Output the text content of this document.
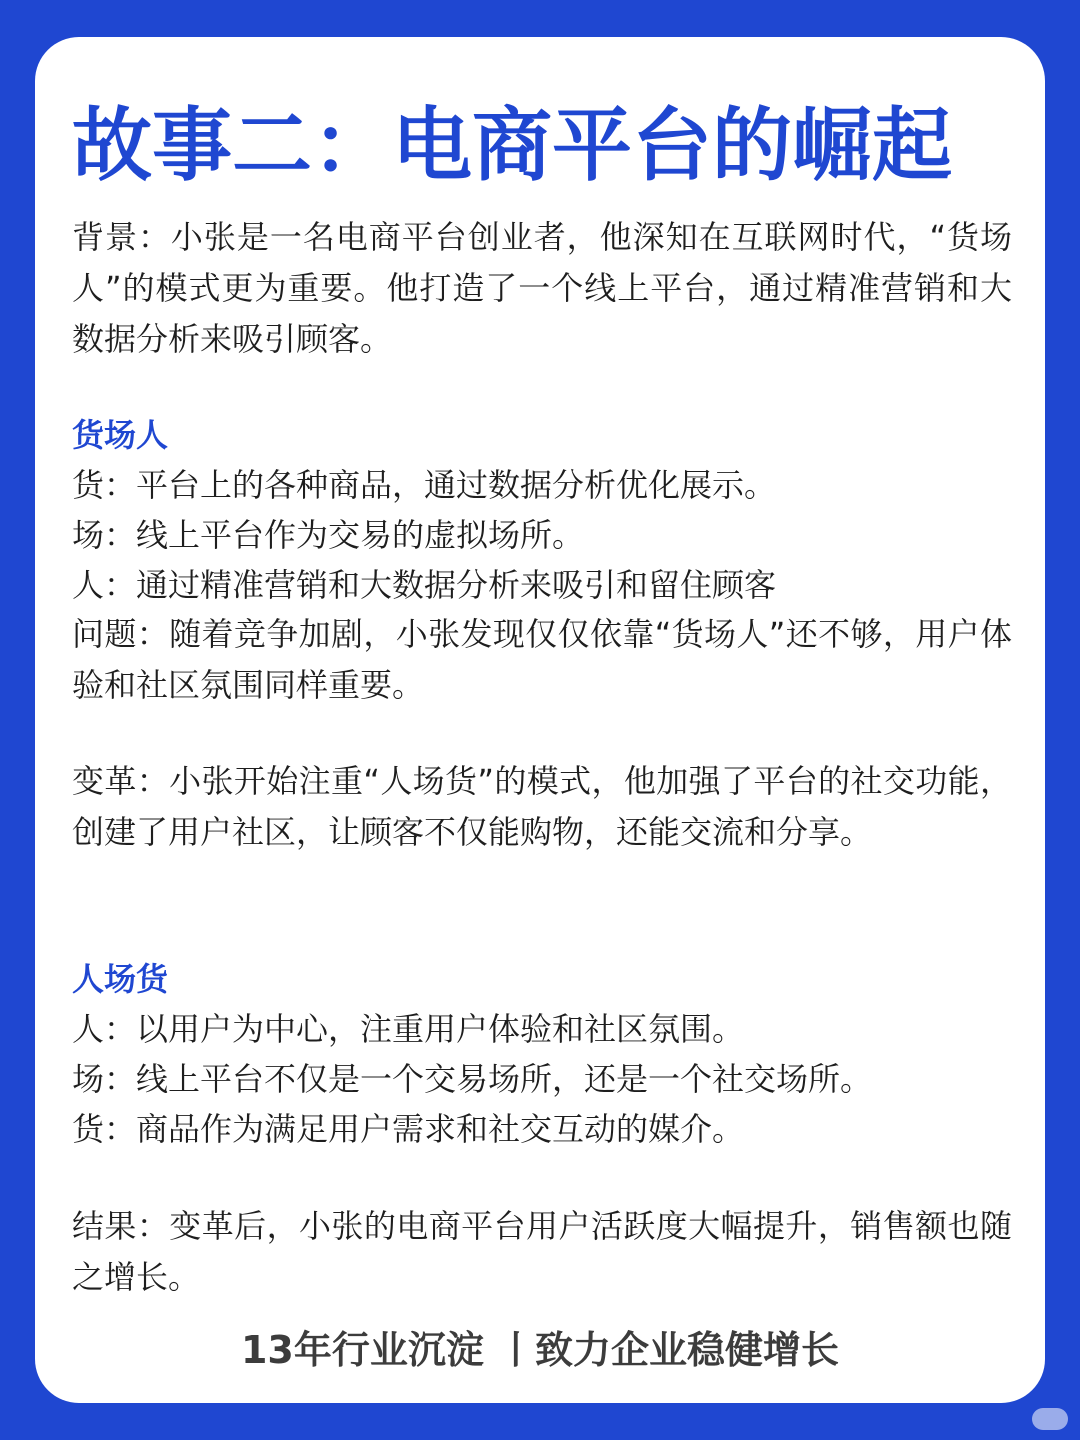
故事二：电商平台的崛起

背景：小张是一名电商平台创业者，他深知在互联网时代，“货场人”的模式更为重要。他打造了一个线上平台，通过精准营销和大数据分析来吸引顾客。

货场人
货：平台上的各种商品，通过数据分析优化展示。
场：线上平台作为交易的虚拟场所。
人：通过精准营销和大数据分析来吸引和留住顾客

问题：随着竞争加剧，小张发现仅仅依靠“货场人”还不够，用户体验和社区氛围同样重要。

变革：小张开始注重“人场货”的模式，他加强了平台的社交功能，创建了用户社区，让顾客不仅能购物，还能交流和分享。

人场货
人：以用户为中心，注重用户体验和社区氛围。
场：线上平台不仅是一个交易场所，还是一个社交场所。
货：商品作为满足用户需求和社交互动的媒介。

结果：变革后，小张的电商平台用户活跃度大幅提升，销售额也随之增长。

13年行业沉淀 丨致力企业稳健增长
